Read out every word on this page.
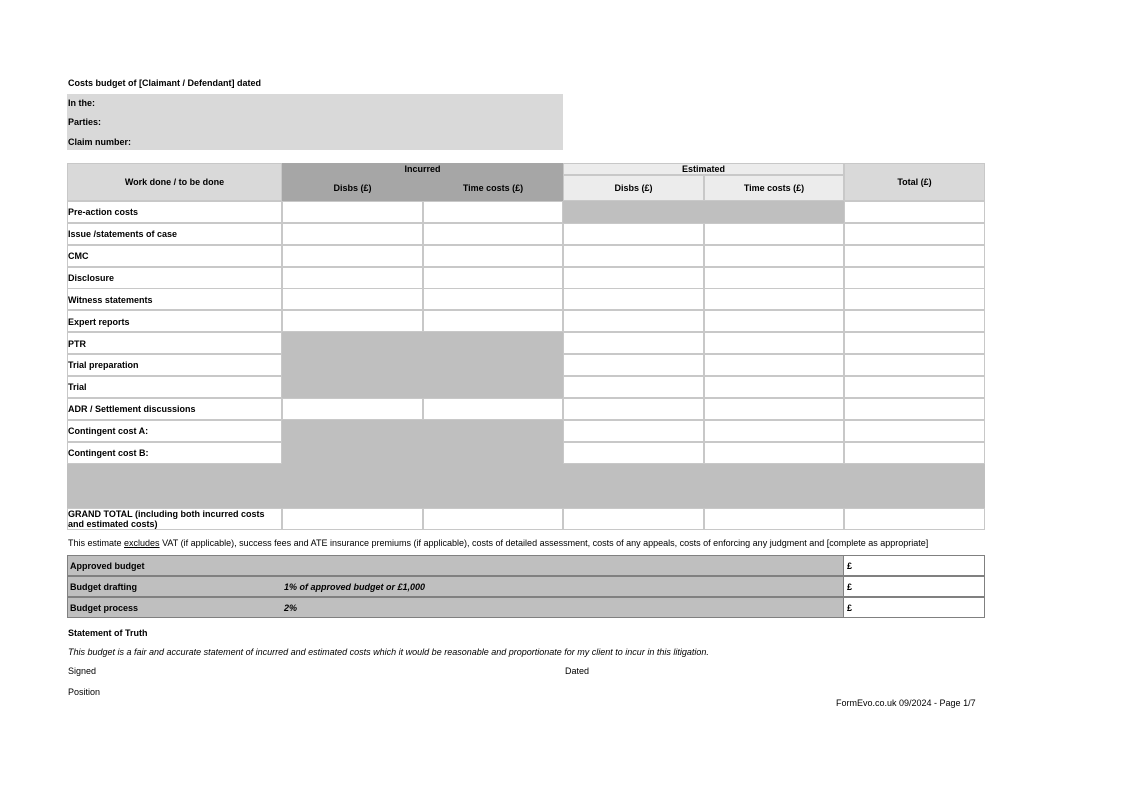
Costs budget of [Claimant / Defendant] dated
In the:
Parties:
Claim number:
Work done / to be done
Incurred
Disbs (£)	Time costs (£)
Estimated
Disbs (£)	Time costs (£)
Total (£)
Pre-action costs
Issue /statements of case
CMC
Disclosure
Witness statements
Expert reports
PTR
Trial preparation
Trial
ADR / Settlement discussions
Contingent cost A:
Contingent cost B:
GRAND TOTAL (including both incurred costs and estimated costs)
This estimate excludes VAT (if applicable), success fees and ATE insurance premiums (if applicable), costs of detailed assessment, costs of any appeals, costs of enforcing any judgment and [complete as appropriate]
Approved budget	£
Budget drafting	1% of approved budget or £1,000	£
Budget process	2%	£
Statement of Truth
This budget is a fair and accurate statement of incurred and estimated costs which it would be reasonable and proportionate for my client to incur in this litigation.
Signed	Dated
Position
FormEvo.co.uk 09/2024 - Page 1/7
